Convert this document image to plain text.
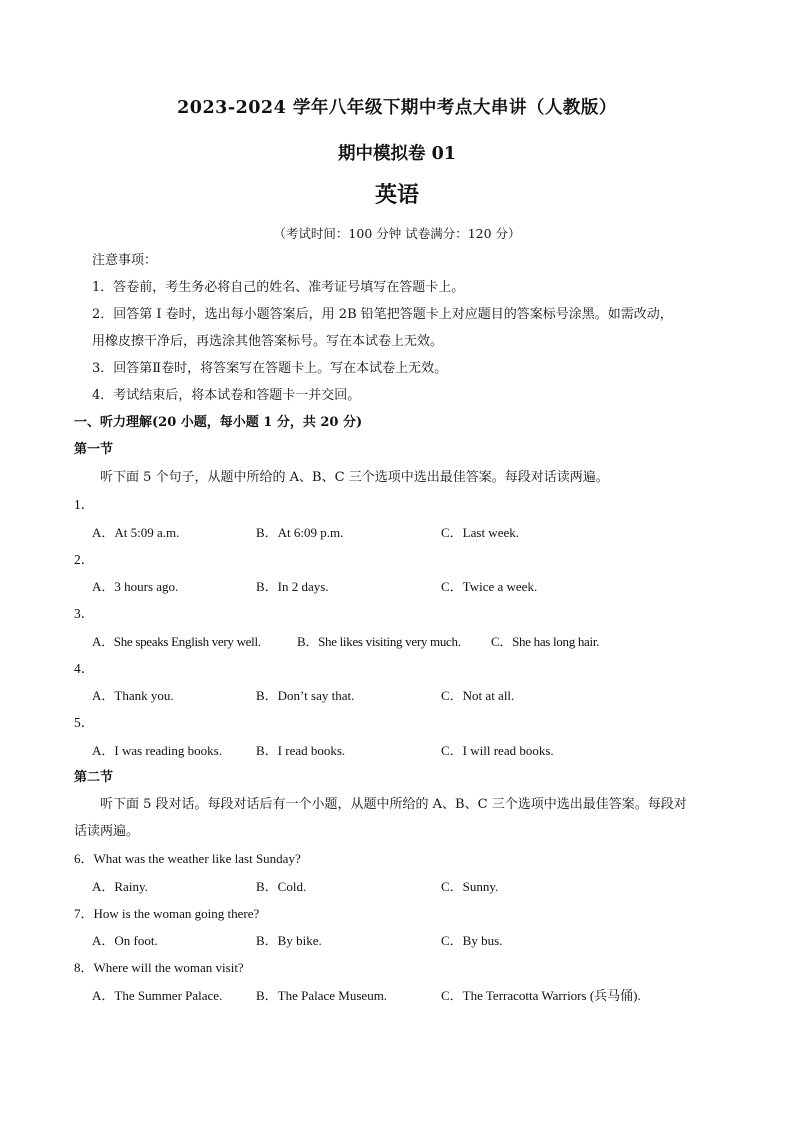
2023-2024 学年八年级下期中考点大串讲（人教版）
期中模拟卷 01
英语
（考试时间：100 分钟 试卷满分：120 分）
注意事项：
1．答卷前，考生务必将自己的姓名、准考证号填写在答题卡上。
2．回答第 I 卷时，选出每小题答案后，用 2B 铅笔把答题卡上对应题目的答案标号涂黑。如需改动，
用橡皮擦干净后，再选涂其他答案标号。写在本试卷上无效。
3．回答第Ⅱ卷时，将答案写在答题卡上。写在本试卷上无效。
4．考试结束后，将本试卷和答题卡一并交回。
一、听力理解(20 小题，每小题 1 分，共 20 分)
第一节
听下面 5 个句子，从题中所给的 A、B、C 三个选项中选出最佳答案。每段对话读两遍。
1．
A．At 5:09 a.m.	B．At 6:09 p.m.	C．Last week.
2．
A．3 hours ago.	B．In 2 days.	C．Twice a week.
3．
A．She speaks English very well.	B．She likes visiting very much. C．She has long hair.
4．
A．Thank you.	B．Don’t say that.	C．Not at all.
5．
A．I was reading books.	B．I read books.	C．I will read books.
第二节
听下面 5 段对话。每段对话后有一个小题，从题中所给的 A、B、C 三个选项中选出最佳答案。每段对
话读两遍。
6．What was the weather like last Sunday?
A．Rainy.	B．Cold.	C．Sunny.
7．How is the woman going there?
A．On foot.	B．By bike.	C．By bus.
8．Where will the woman visit?
A．The Summer Palace.	B．The Palace Museum.	C．The Terracotta Warriors (兵马俑).
